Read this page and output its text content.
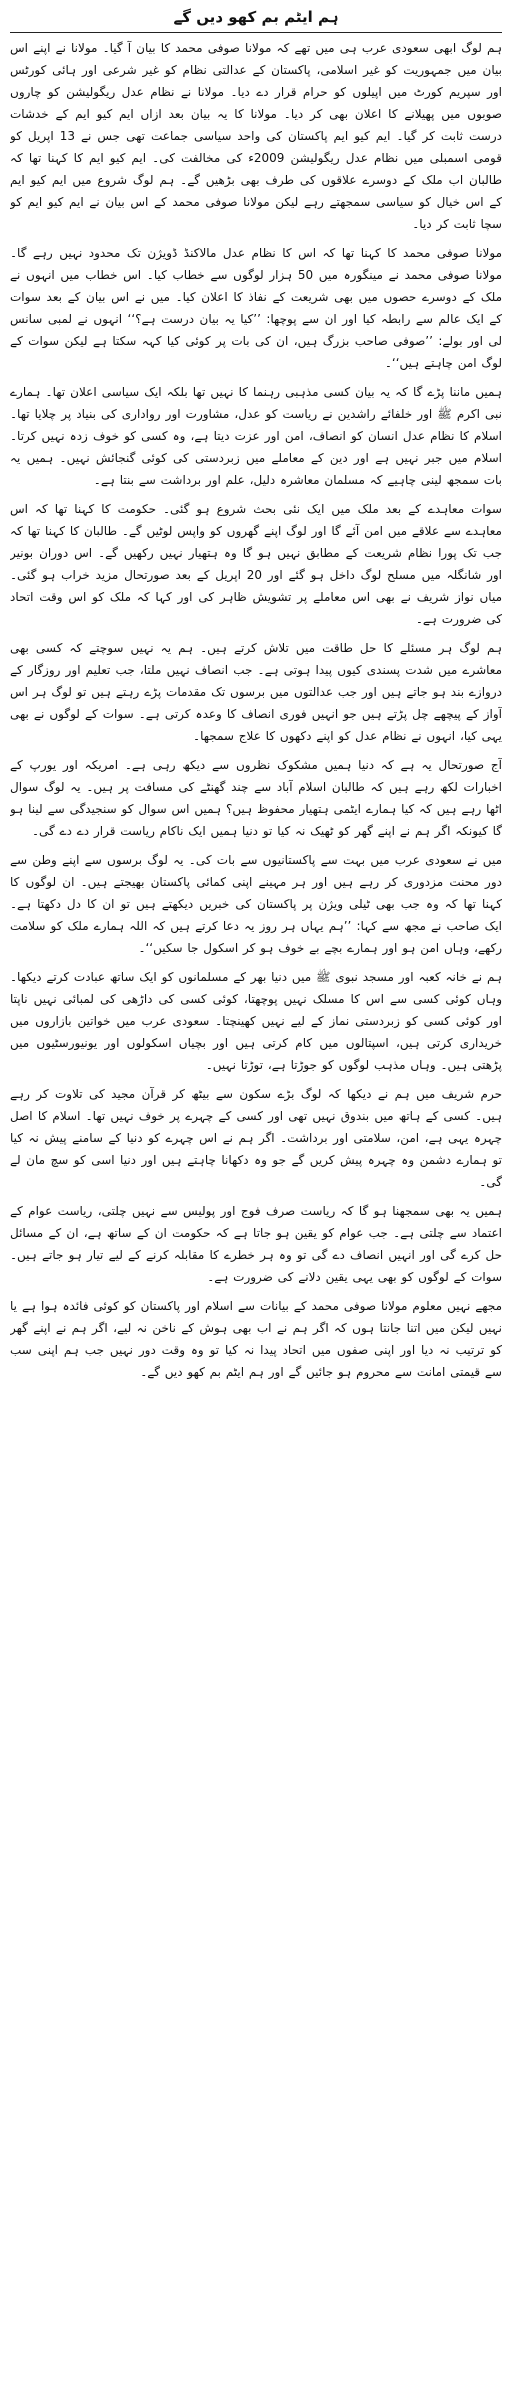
ہم ایٹم بم کھو دیں گے

ہم لوگ ابھی سعودی عرب ہی میں تھے کہ مولانا صوفی محمد کا بیان آ گیا۔ مولانا نے اپنے اس بیان میں جمہوریت کو غیر اسلامی، پاکستان کے عدالتی نظام کو غیر شرعی اور ہائی کورٹس اور سپریم کورٹ میں اپیلوں کو حرام قرار دے دیا۔ مولانا نے نظام عدل ریگولیشن کو چاروں صوبوں میں پھیلانے کا اعلان بھی کر دیا۔ مولانا کا یہ بیان بعد ازاں ایم کیو ایم کے خدشات درست ثابت کر گیا۔ ایم کیو ایم پاکستان کی واحد سیاسی جماعت تھی جس نے 13 اپریل کو قومی اسمبلی میں نظام عدل ریگولیشن 2009ء کی مخالفت کی۔ ایم کیو ایم کا کہنا تھا کہ طالبان اب ملک کے دوسرے علاقوں کی طرف بھی بڑھیں گے۔ ہم لوگ شروع میں ایم کیو ایم کے اس خیال کو سیاسی سمجھتے رہے لیکن مولانا صوفی محمد کے اس بیان نے ایم کیو ایم کو سچا ثابت کر دیا۔

مولانا صوفی محمد کا کہنا تھا کہ اس کا نظام عدل مالاکنڈ ڈویژن تک محدود نہیں رہے گا۔ مولانا صوفی محمد نے مینگورہ میں 50 ہزار لوگوں سے خطاب کیا۔ اس خطاب میں انہوں نے ملک کے دوسرے حصوں میں بھی شریعت کے نفاذ کا اعلان کیا۔ میں نے اس بیان کے بعد سوات کے ایک عالم سے رابطہ کیا اور ان سے پوچھا: ’’کیا یہ بیان درست ہے؟‘‘ انہوں نے لمبی سانس لی اور بولے: ’’صوفی صاحب بزرگ ہیں، ان کی بات پر کوئی کیا کہہ سکتا ہے لیکن سوات کے لوگ امن چاہتے ہیں‘‘۔

ہمیں ماننا پڑے گا کہ یہ بیان کسی مذہبی رہنما کا نہیں تھا بلکہ ایک سیاسی اعلان تھا۔ ہمارے نبی اکرم ﷺ اور خلفائے راشدین نے ریاست کو عدل، مشاورت اور رواداری کی بنیاد پر چلایا تھا۔ اسلام کا نظام عدل انسان کو انصاف، امن اور عزت دیتا ہے، وہ کسی کو خوف زدہ نہیں کرتا۔ اسلام میں جبر نہیں ہے اور دین کے معاملے میں زبردستی کی کوئی گنجائش نہیں۔ ہمیں یہ بات سمجھ لینی چاہیے کہ مسلمان معاشرہ دلیل، علم اور برداشت سے بنتا ہے۔

سوات معاہدے کے بعد ملک میں ایک نئی بحث شروع ہو گئی۔ حکومت کا کہنا تھا کہ اس معاہدے سے علاقے میں امن آئے گا اور لوگ اپنے گھروں کو واپس لوٹیں گے۔ طالبان کا کہنا تھا کہ جب تک پورا نظام شریعت کے مطابق نہیں ہو گا وہ ہتھیار نہیں رکھیں گے۔ اس دوران بونیر اور شانگلہ میں مسلح لوگ داخل ہو گئے اور 20 اپریل کے بعد صورتحال مزید خراب ہو گئی۔ میاں نواز شریف نے بھی اس معاملے پر تشویش ظاہر کی اور کہا کہ ملک کو اس وقت اتحاد کی ضرورت ہے۔

ہم لوگ ہر مسئلے کا حل طاقت میں تلاش کرتے ہیں۔ ہم یہ نہیں سوچتے کہ کسی بھی معاشرے میں شدت پسندی کیوں پیدا ہوتی ہے۔ جب انصاف نہیں ملتا، جب تعلیم اور روزگار کے دروازے بند ہو جاتے ہیں اور جب عدالتوں میں برسوں تک مقدمات پڑے رہتے ہیں تو لوگ ہر اس آواز کے پیچھے چل پڑتے ہیں جو انہیں فوری انصاف کا وعدہ کرتی ہے۔ سوات کے لوگوں نے بھی یہی کیا، انہوں نے نظام عدل کو اپنے دکھوں کا علاج سمجھا۔

آج صورتحال یہ ہے کہ دنیا ہمیں مشکوک نظروں سے دیکھ رہی ہے۔ امریکہ اور یورپ کے اخبارات لکھ رہے ہیں کہ طالبان اسلام آباد سے چند گھنٹے کی مسافت پر ہیں۔ یہ لوگ سوال اٹھا رہے ہیں کہ کیا ہمارے ایٹمی ہتھیار محفوظ ہیں؟ ہمیں اس سوال کو سنجیدگی سے لینا ہو گا کیونکہ اگر ہم نے اپنے گھر کو ٹھیک نہ کیا تو دنیا ہمیں ایک ناکام ریاست قرار دے دے گی۔

میں نے سعودی عرب میں بہت سے پاکستانیوں سے بات کی۔ یہ لوگ برسوں سے اپنے وطن سے دور محنت مزدوری کر رہے ہیں اور ہر مہینے اپنی کمائی پاکستان بھیجتے ہیں۔ ان لوگوں کا کہنا تھا کہ وہ جب بھی ٹیلی ویژن پر پاکستان کی خبریں دیکھتے ہیں تو ان کا دل دکھتا ہے۔ ایک صاحب نے مجھ سے کہا: ’’ہم یہاں ہر روز یہ دعا کرتے ہیں کہ اللہ ہمارے ملک کو سلامت رکھے، وہاں امن ہو اور ہمارے بچے بے خوف ہو کر اسکول جا سکیں‘‘۔

ہم نے خانہ کعبہ اور مسجد نبوی ﷺ میں دنیا بھر کے مسلمانوں کو ایک ساتھ عبادت کرتے دیکھا۔ وہاں کوئی کسی سے اس کا مسلک نہیں پوچھتا، کوئی کسی کی داڑھی کی لمبائی نہیں ناپتا اور کوئی کسی کو زبردستی نماز کے لیے نہیں کھینچتا۔ سعودی عرب میں خواتین بازاروں میں خریداری کرتی ہیں، اسپتالوں میں کام کرتی ہیں اور بچیاں اسکولوں اور یونیورسٹیوں میں پڑھتی ہیں۔ وہاں مذہب لوگوں کو جوڑتا ہے، توڑتا نہیں۔

حرم شریف میں ہم نے دیکھا کہ لوگ بڑے سکون سے بیٹھ کر قرآن مجید کی تلاوت کر رہے ہیں۔ کسی کے ہاتھ میں بندوق نہیں تھی اور کسی کے چہرے پر خوف نہیں تھا۔ اسلام کا اصل چہرہ یہی ہے، امن، سلامتی اور برداشت۔ اگر ہم نے اس چہرے کو دنیا کے سامنے پیش نہ کیا تو ہمارے دشمن وہ چہرہ پیش کریں گے جو وہ دکھانا چاہتے ہیں اور دنیا اسی کو سچ مان لے گی۔

ہمیں یہ بھی سمجھنا ہو گا کہ ریاست صرف فوج اور پولیس سے نہیں چلتی، ریاست عوام کے اعتماد سے چلتی ہے۔ جب عوام کو یقین ہو جاتا ہے کہ حکومت ان کے ساتھ ہے، ان کے مسائل حل کرے گی اور انہیں انصاف دے گی تو وہ ہر خطرے کا مقابلہ کرنے کے لیے تیار ہو جاتے ہیں۔ سوات کے لوگوں کو بھی یہی یقین دلانے کی ضرورت ہے۔

مجھے نہیں معلوم مولانا صوفی محمد کے بیانات سے اسلام اور پاکستان کو کوئی فائدہ ہوا ہے یا نہیں لیکن میں اتنا جانتا ہوں کہ اگر ہم نے اب بھی ہوش کے ناخن نہ لیے، اگر ہم نے اپنے گھر کو ترتیب نہ دیا اور اپنی صفوں میں اتحاد پیدا نہ کیا تو وہ وقت دور نہیں جب ہم اپنی سب سے قیمتی امانت سے محروم ہو جائیں گے اور ہم ایٹم بم کھو دیں گے۔
